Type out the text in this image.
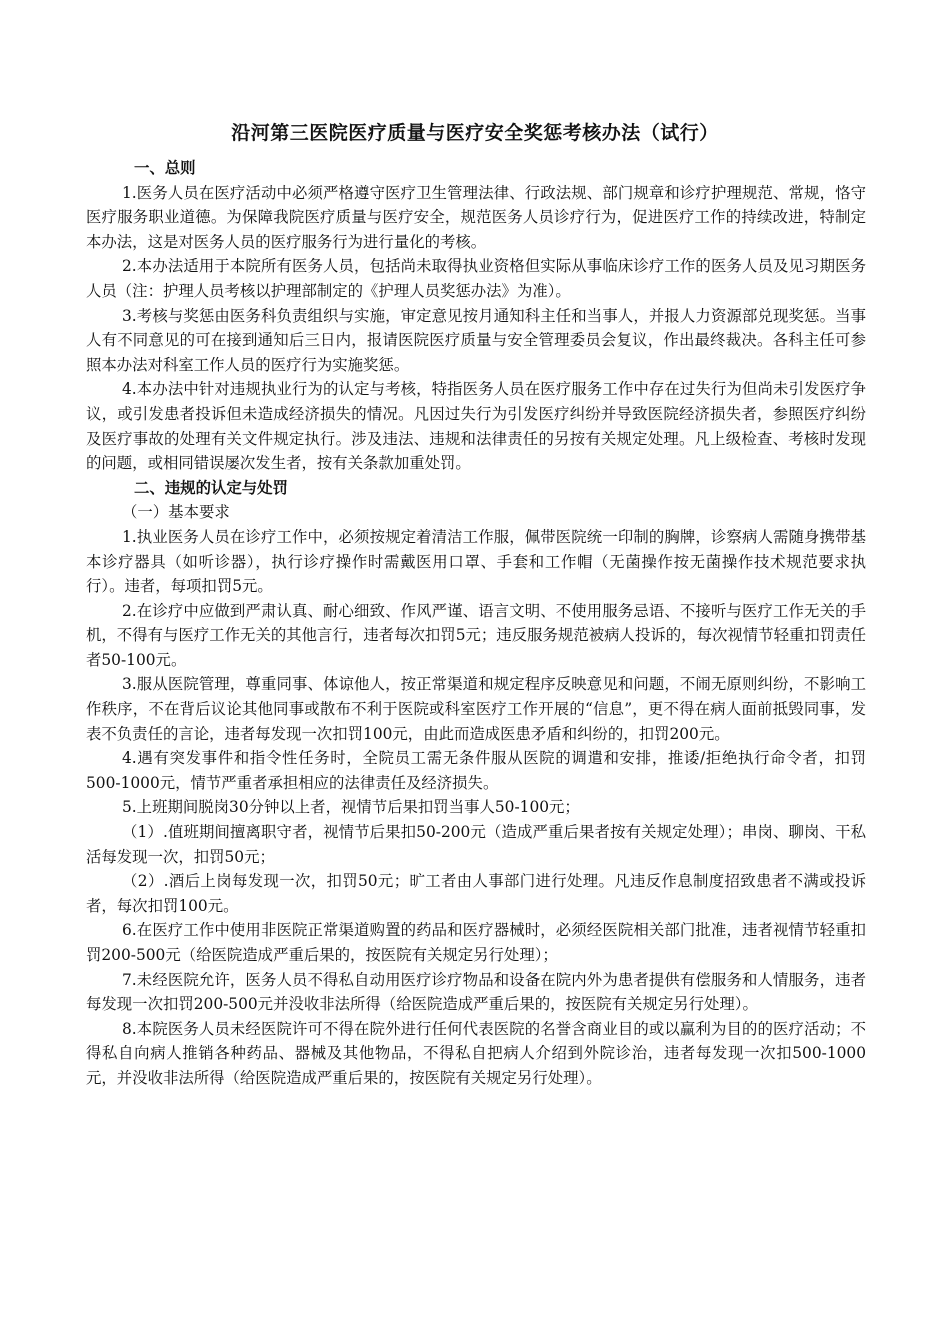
沿河第三医院医疗质量与医疗安全奖惩考核办法（试行）
一、总则

1.医务人员在医疗活动中必须严格遵守医疗卫生管理法律、行政法规、部门规章和诊疗护理规范、常规，恪守医疗服务职业道德。为保障我院医疗质量与医疗安全，规范医务人员诊疗行为，促进医疗工作的持续改进，特制定本办法，这是对医务人员的医疗服务行为进行量化的考核。

2.本办法适用于本院所有医务人员，包括尚未取得执业资格但实际从事临床诊疗工作的医务人员及见习期医务人员（注：护理人员考核以护理部制定的《护理人员奖惩办法》为准）。

3.考核与奖惩由医务科负责组织与实施，审定意见按月通知科主任和当事人，并报人力资源部兑现奖惩。当事人有不同意见的可在接到通知后三日内，报请医院医疗质量与安全管理委员会复议，作出最终裁决。各科主任可参照本办法对科室工作人员的医疗行为实施奖惩。

4.本办法中针对违规执业行为的认定与考核，特指医务人员在医疗服务工作中存在过失行为但尚未引发医疗争议，或引发患者投诉但未造成经济损失的情况。凡因过失行为引发医疗纠纷并导致医院经济损失者，参照医疗纠纷及医疗事故的处理有关文件规定执行。涉及违法、违规和法律责任的另按有关规定处理。凡上级检查、考核时发现的问题，或相同错误屡次发生者，按有关条款加重处罚。

二、违规的认定与处罚
（一）基本要求

1.执业医务人员在诊疗工作中，必须按规定着清洁工作服，佩带医院统一印制的胸牌，诊察病人需随身携带基本诊疗器具（如听诊器），执行诊疗操作时需戴医用口罩、手套和工作帽（无菌操作按无菌操作技术规范要求执行）。违者，每项扣罚5元。

2.在诊疗中应做到严肃认真、耐心细致、作风严谨、语言文明、不使用服务忌语、不接听与医疗工作无关的手机，不得有与医疗工作无关的其他言行，违者每次扣罚5元；违反服务规范被病人投诉的，每次视情节轻重扣罚责任者50-100元。

3.服从医院管理，尊重同事、体谅他人，按正常渠道和规定程序反映意见和问题，不闹无原则纠纷，不影响工作秩序，不在背后议论其他同事或散布不利于医院或科室医疗工作开展的“信息”，更不得在病人面前抵毁同事，发表不负责任的言论，违者每发现一次扣罚100元，由此而造成医患矛盾和纠纷的，扣罚200元。

4.遇有突发事件和指令性任务时，全院员工需无条件服从医院的调遣和安排，推诿/拒绝执行命令者，扣罚500-1000元，情节严重者承担相应的法律责任及经济损失。

5.上班期间脱岗30分钟以上者，视情节后果扣罚当事人50-100元；

（1）.值班期间擅离职守者，视情节后果扣50-200元（造成严重后果者按有关规定处理）；串岗、聊岗、干私活每发现一次，扣罚50元；

（2）.酒后上岗每发现一次，扣罚50元；旷工者由人事部门进行处理。凡违反作息制度招致患者不满或投诉者，每次扣罚100元。

6.在医疗工作中使用非医院正常渠道购置的药品和医疗器械时，必须经医院相关部门批准，违者视情节轻重扣罚200-500元（给医院造成严重后果的，按医院有关规定另行处理）；

7.未经医院允许，医务人员不得私自动用医疗诊疗物品和设备在院内外为患者提供有偿服务和人情服务，违者每发现一次扣罚200-500元并没收非法所得（给医院造成严重后果的，按医院有关规定另行处理）。

8.本院医务人员未经医院许可不得在院外进行任何代表医院的名誉含商业目的或以赢利为目的的医疗活动；不得私自向病人推销各种药品、器械及其他物品，不得私自把病人介绍到外院诊治，违者每发现一次扣500-1000元，并没收非法所得（给医院造成严重后果的，按医院有关规定另行处理）。
